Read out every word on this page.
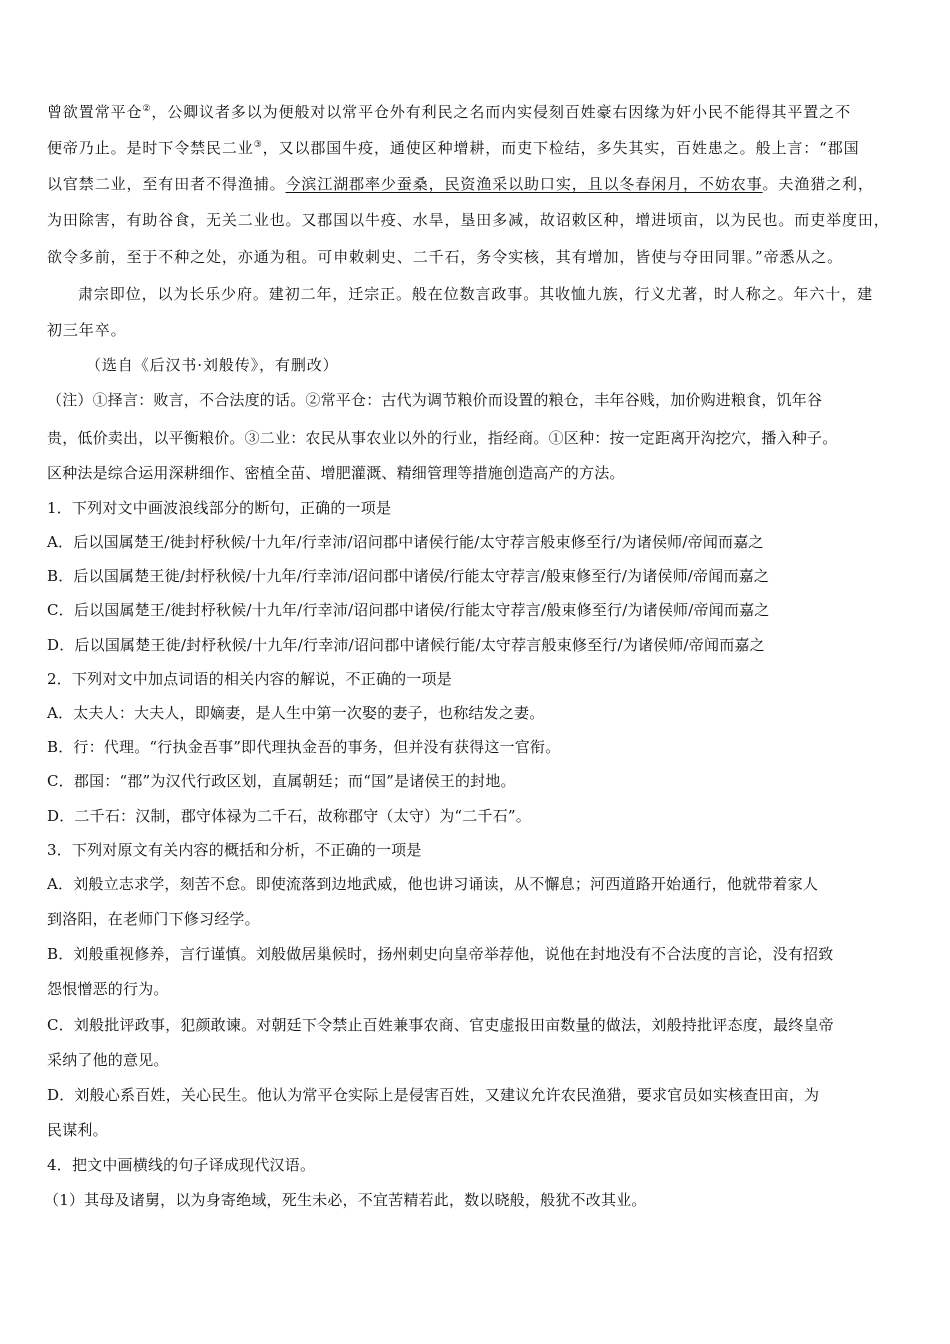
曾欲置常平仓②，公卿议者多以为便般对以常平仓外有利民之名而内实侵刻百姓豪右因缘为奸小民不能得其平置之不
便帝乃止。是时下令禁民二业③，又以郡国牛疫，通使区种增耕，而吏下检结，多失其实，百姓患之。般上言：“郡国
以官禁二业，至有田者不得渔捕。今滨江湖郡率少蚕桑，民资渔采以助口实，且以冬春闲月，不妨农事。夫渔猎之利，
为田除害，有助谷食，无关二业也。又郡国以牛疫、水旱，垦田多减，故诏敕区种，增进顷亩，以为民也。而吏举度田，
欲令多前，至于不种之处，亦通为租。可申敕刺史、二千石，务令实核，其有增加，皆使与夺田同罪。”帝悉从之。
肃宗即位，以为长乐少府。建初二年，迁宗正。般在位数言政事。其收恤九族，行义尤著，时人称之。年六十，建
初三年卒。
（选自《后汉书·刘般传》，有删改）
（注）①择言：败言，不合法度的话。②常平仓：古代为调节粮价而设置的粮仓，丰年谷贱，加价购进粮食，饥年谷
贵，低价卖出，以平衡粮价。③二业：农民从事农业以外的行业，指经商。①区种：按一定距离开沟挖穴，播入种子。
区种法是综合运用深耕细作、密植全苗、增肥灌溉、精细管理等措施创造高产的方法。
1．下列对文中画波浪线部分的断句，正确的一项是
A．后以国属楚王/徙封杼秋候/十九年/行幸沛/诏问郡中诸侯行能/太守荐言般束修至行/为诸侯师/帝闻而嘉之
B．后以国属楚王徙/封杼秋候/十九年/行幸沛/诏问郡中诸侯/行能太守荐言/般束修至行/为诸侯师/帝闻而嘉之
C．后以国属楚王/徙封杼秋候/十九年/行幸沛/诏问郡中诸侯/行能太守荐言/般束修至行/为诸侯师/帝闻而嘉之
D．后以国属楚王徙/封杼秋候/十九年/行幸沛/诏问郡中诸候行能/太守荐言般束修至行/为诸侯师/帝闻而嘉之
2．下列对文中加点词语的相关内容的解说，不正确的一项是
A．太夫人：大夫人，即嫡妻，是人生中第一次娶的妻子，也称结发之妻。
B．行：代理。“行执金吾事”即代理执金吾的事务，但并没有获得这一官衔。
C．郡国：“郡”为汉代行政区划，直属朝廷；而“国”是诸侯王的封地。
D．二千石：汉制，郡守体禄为二千石，故称郡守（太守）为“二千石”。
3．下列对原文有关内容的概括和分析，不正确的一项是
A．刘般立志求学，刻苦不怠。即使流落到边地武威，他也讲习诵读，从不懈息；河西道路开始通行，他就带着家人
到洛阳，在老师门下修习经学。
B．刘般重视修养，言行谨慎。刘般做居巢候时，扬州刺史向皇帝举荐他，说他在封地没有不合法度的言论，没有招致
怨恨憎恶的行为。
C．刘般批评政事，犯颜敢谏。对朝廷下令禁止百姓兼事农商、官吏虚报田亩数量的做法，刘般持批评态度，最终皇帝
采纳了他的意见。
D．刘般心系百姓，关心民生。他认为常平仓实际上是侵害百姓，又建议允许农民渔猎，要求官员如实核查田亩，为
民谋利。
4．把文中画横线的句子译成现代汉语。
（1）其母及诸舅，以为身寄绝域，死生未必，不宜苦精若此，数以晓般，般犹不改其业。
